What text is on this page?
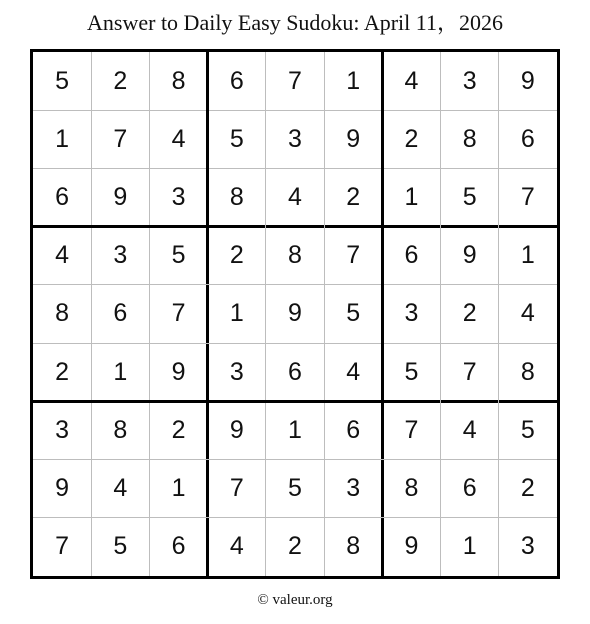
Answer to Daily Easy Sudoku: April 11，2026
5	2	8	6	7	1	4	3	9
1	7	4	5	3	9	2	8	6
6	9	3	8	4	2	1	5	7
4	3	5	2	8	7	6	9	1
8	6	7	1	9	5	3	2	4
2	1	9	3	6	4	5	7	8
3	8	2	9	1	6	7	4	5
9	4	1	7	5	3	8	6	2
7	5	6	4	2	8	9	1	3
© valeur.org
